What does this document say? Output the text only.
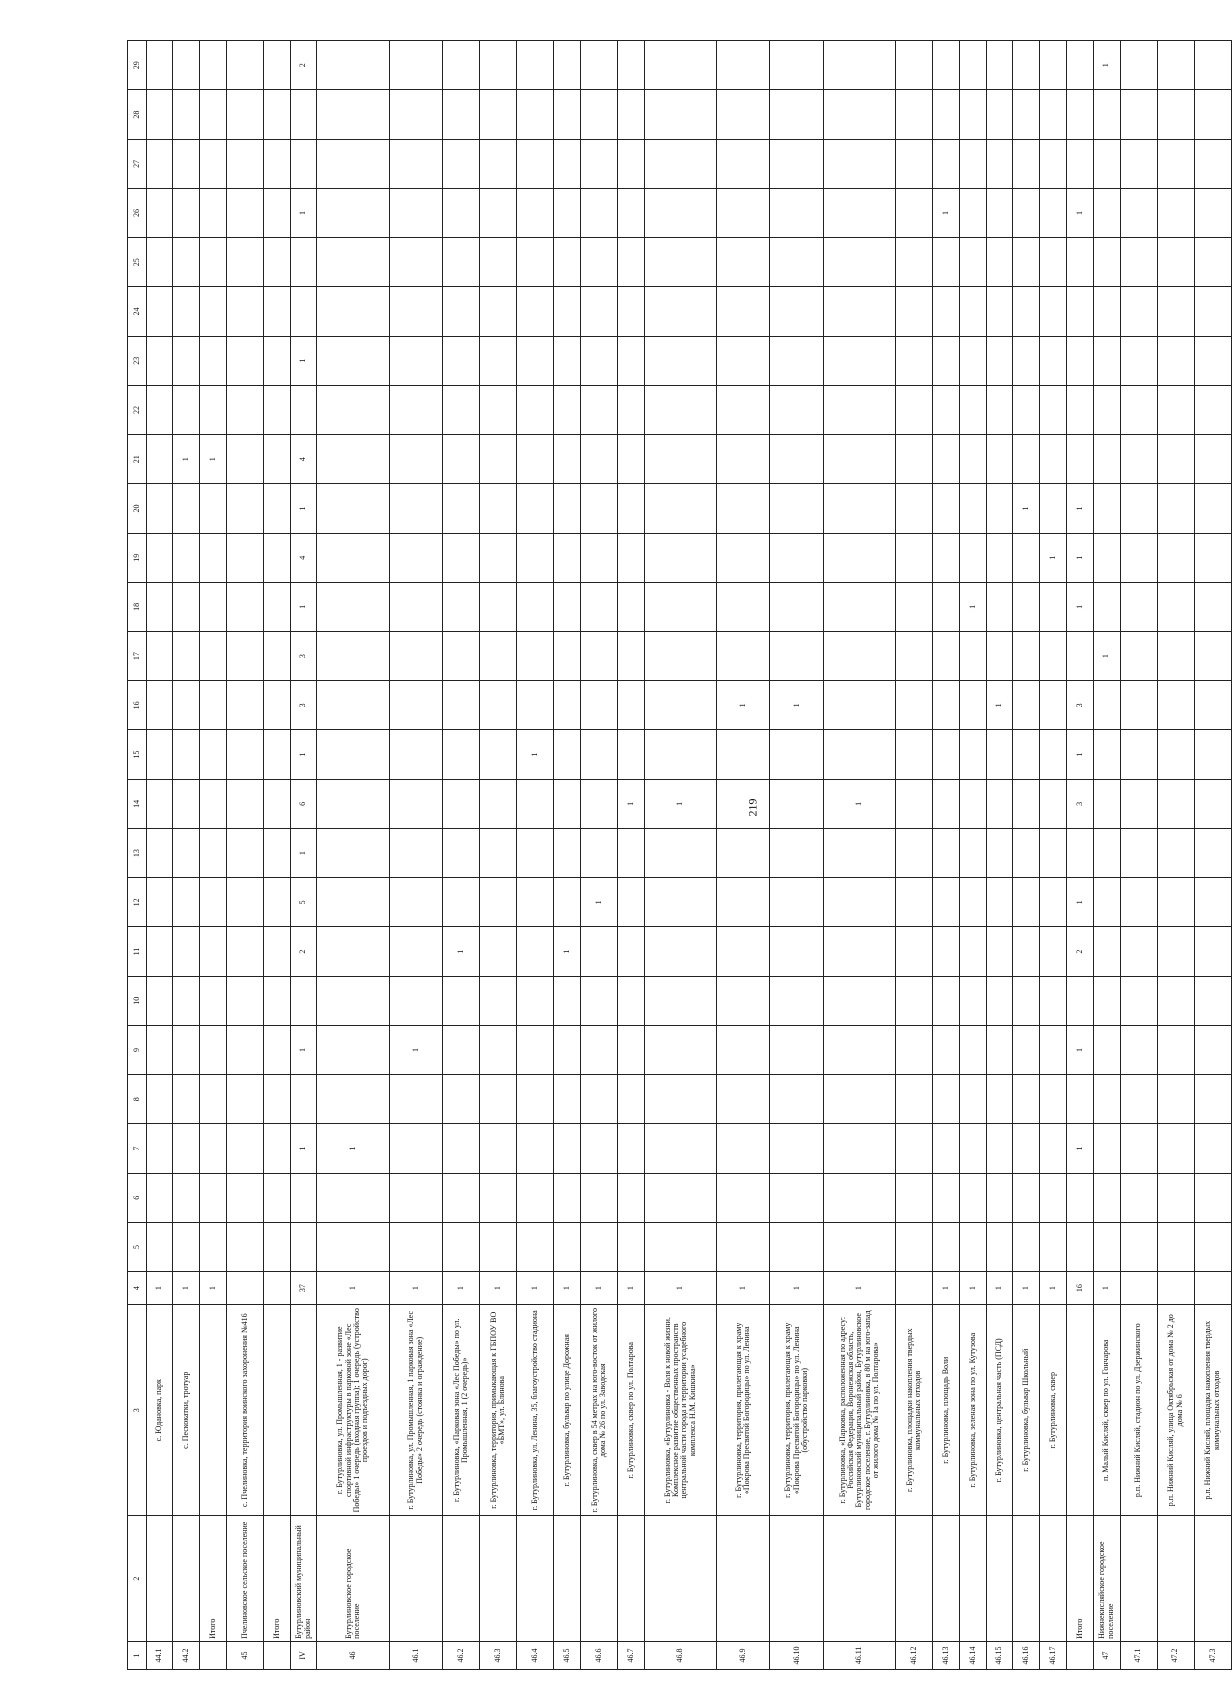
219
1	2	3	4	5	6	7	8	9	10	11	12	13	14	15	16	17	18	19	20	21	22	23	24	25	26	27	28	29
44.1		с. Юдановка, парк	1																									
44.2		с. Пескокатки, тротуар	1																	1								
	Итого		1																	1								
45	Пчелиновское сельское поселение	с. Пчелиновка, территория воинского захоронения №416																										
	Итого																											
IV	Бутурлиновский муниципальный район		37			1		1		2	5	1	6	1	3	3	1	4	1	4		1			1			2
46	Бутурлиновское городское поселение	г. Бутурлиновка, ул. Промышленная, 1 - развитие спортивной инфраструктуры в парковой зоне «Лес Победы» 1 очередь (входная группа); 1 очередь (устройство проездов и подъездных дорог)	1			1																						
46.1		г. Бутурлиновка, ул. Промышленная, 1 парковая зона «Лес Победы» 2 очередь (стоянка и ограждение)	1					1																				
46.2		г. Бутурлиновка, «Парковая зона «Лес Победы» по ул. Промышленная, 1 (2 очередь)»	1							1																		
46.3		г. Бутурлиновка, территория, примыкающая к ГБПОУ ВО «БМТ», ул. Блинова	1																									
46.4		г. Бутурлиновка, ул. Ленина, 35, благоустройство стадиона	1											1														
46.5		г. Бутурлиновка, бульвар по улице Дорожная	1							1																		
46.6		г. Бутурлиновка, сквер в 54 метрах на юго-восток от жилого дома № 26 по ул. Заводская	1								1																	
46.7		г. Бутурлиновка, сквер по ул. Полтарова	1										1															
46.8		г. Бутурлиновка, «Бутурлиновка - Воля к новой жизни. Комплексное развитие общественных пространств центральной части города и территории усадебного комплекса Н.М. Кишкина»	1										1															
46.9		г. Бутурлиновка, территория, прилегающая к храму «Покрова Пресвятой Богородицы» по ул. Ленина	1												1													
46.10		г. Бутурлиновка, территория, прилегающая к храму «Покрова Пресвятой Богородицы» по ул. Ленина (обустройство парковки)	1												1													
46.11		г. Бутурлиновка, «Парковка, расположенная по адресу: Российская Федерация, Воронежская область, Бутурлиновский муниципальный район, Бутурлиновское городское поселение, г. Бутурлиновка, в 80 м на юго-запад от жилого дома № 1а по ул. Полтарова»	1										1															
46.12		г. Бутурлиновка, площадки накопления твердых коммунальных отходов																										
46.13		г. Бутурлиновка, площадь Воли	1																						1			
46.14		г. Бутурлиновка, зеленая зона по ул. Кутузова	1														1											
46.15		г. Бутурлиновка, центральная часть (ПСД)	1												1													
46.16		г. Бутурлиновка, бульвар Школьный	1																1									
46.17		г. Бутурлиновка, сквер	1															1										
	Итого		16			1		1		2	1		3	1	3		1	1	1						1			
47	Нижнекисляйское городское поселение	п. Малый Кисляй, сквер по ул. Гончарова	1													1												1
47.1		р.п. Нижний Кисляй, стадион по ул. Дзержинского																										
47.2		р.п. Нижний Кисляй, улица Октябрьская от дома № 2 до дома № 6																										
47.3		р.п. Нижний Кисляй, площадка накопления твердых коммунальных отходов																										
